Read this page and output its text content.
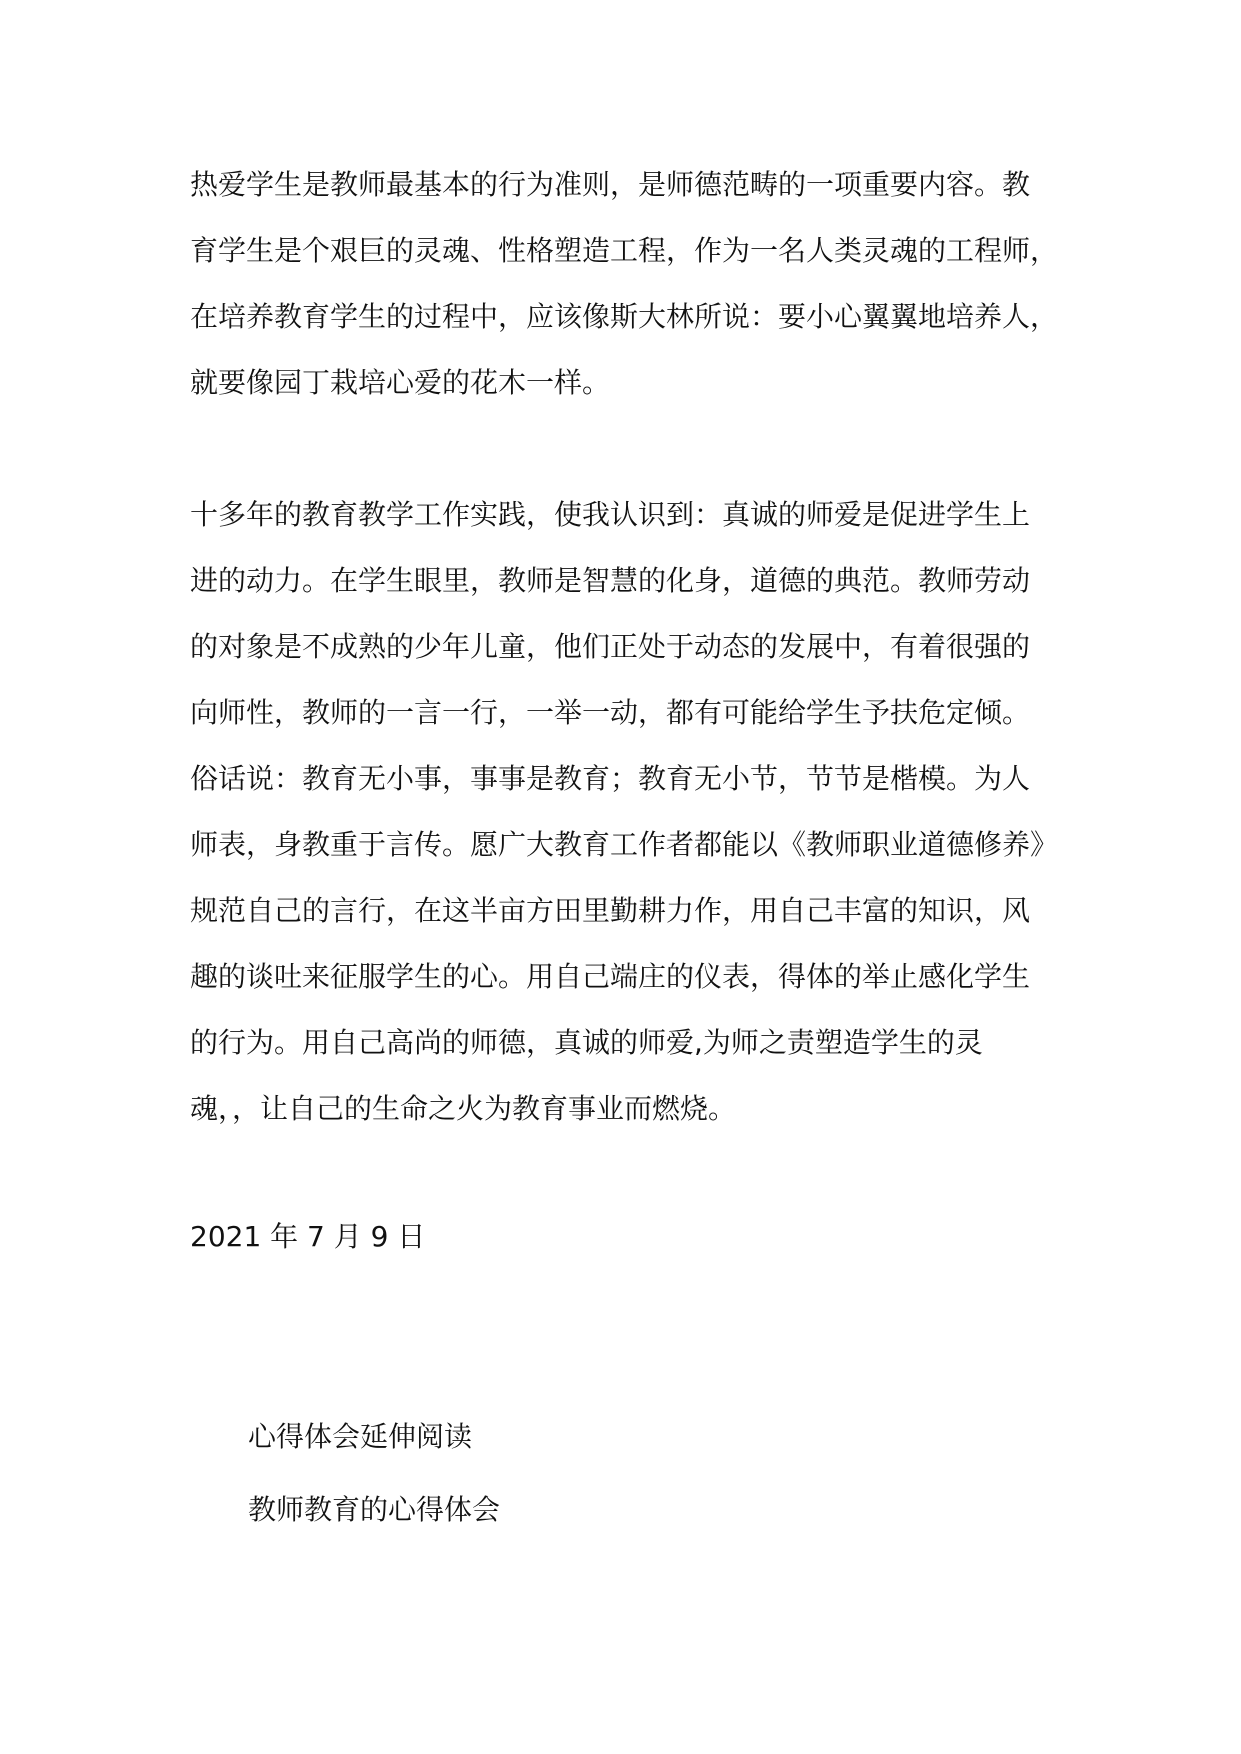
热爱学生是教师最基本的行为准则，是师德范畴的一项重要内容。教
育学生是个艰巨的灵魂、性格塑造工程，作为一名人类灵魂的工程师，
在培养教育学生的过程中，应该像斯大林所说：要小心翼翼地培养人，
就要像园丁栽培心爱的花木一样。
十多年的教育教学工作实践，使我认识到：真诚的师爱是促进学生上
进的动力。在学生眼里，教师是智慧的化身，道德的典范。教师劳动
的对象是不成熟的少年儿童，他们正处于动态的发展中，有着很强的
向师性，教师的一言一行，一举一动，都有可能给学生予扶危定倾。
俗话说：教育无小事，事事是教育；教育无小节，节节是楷模。为人
师表，身教重于言传。愿广大教育工作者都能以《教师职业道德修养》
规范自己的言行，在这半亩方田里勤耕力作，用自己丰富的知识，风
趣的谈吐来征服学生的心。用自己端庄的仪表，得体的举止感化学生
的行为。用自己高尚的师德，真诚的师爱,为师之责塑造学生的灵
魂，，让自己的生命之火为教育事业而燃烧。
2021 年 7 月 9 日
心得体会延伸阅读
教师教育的心得体会
